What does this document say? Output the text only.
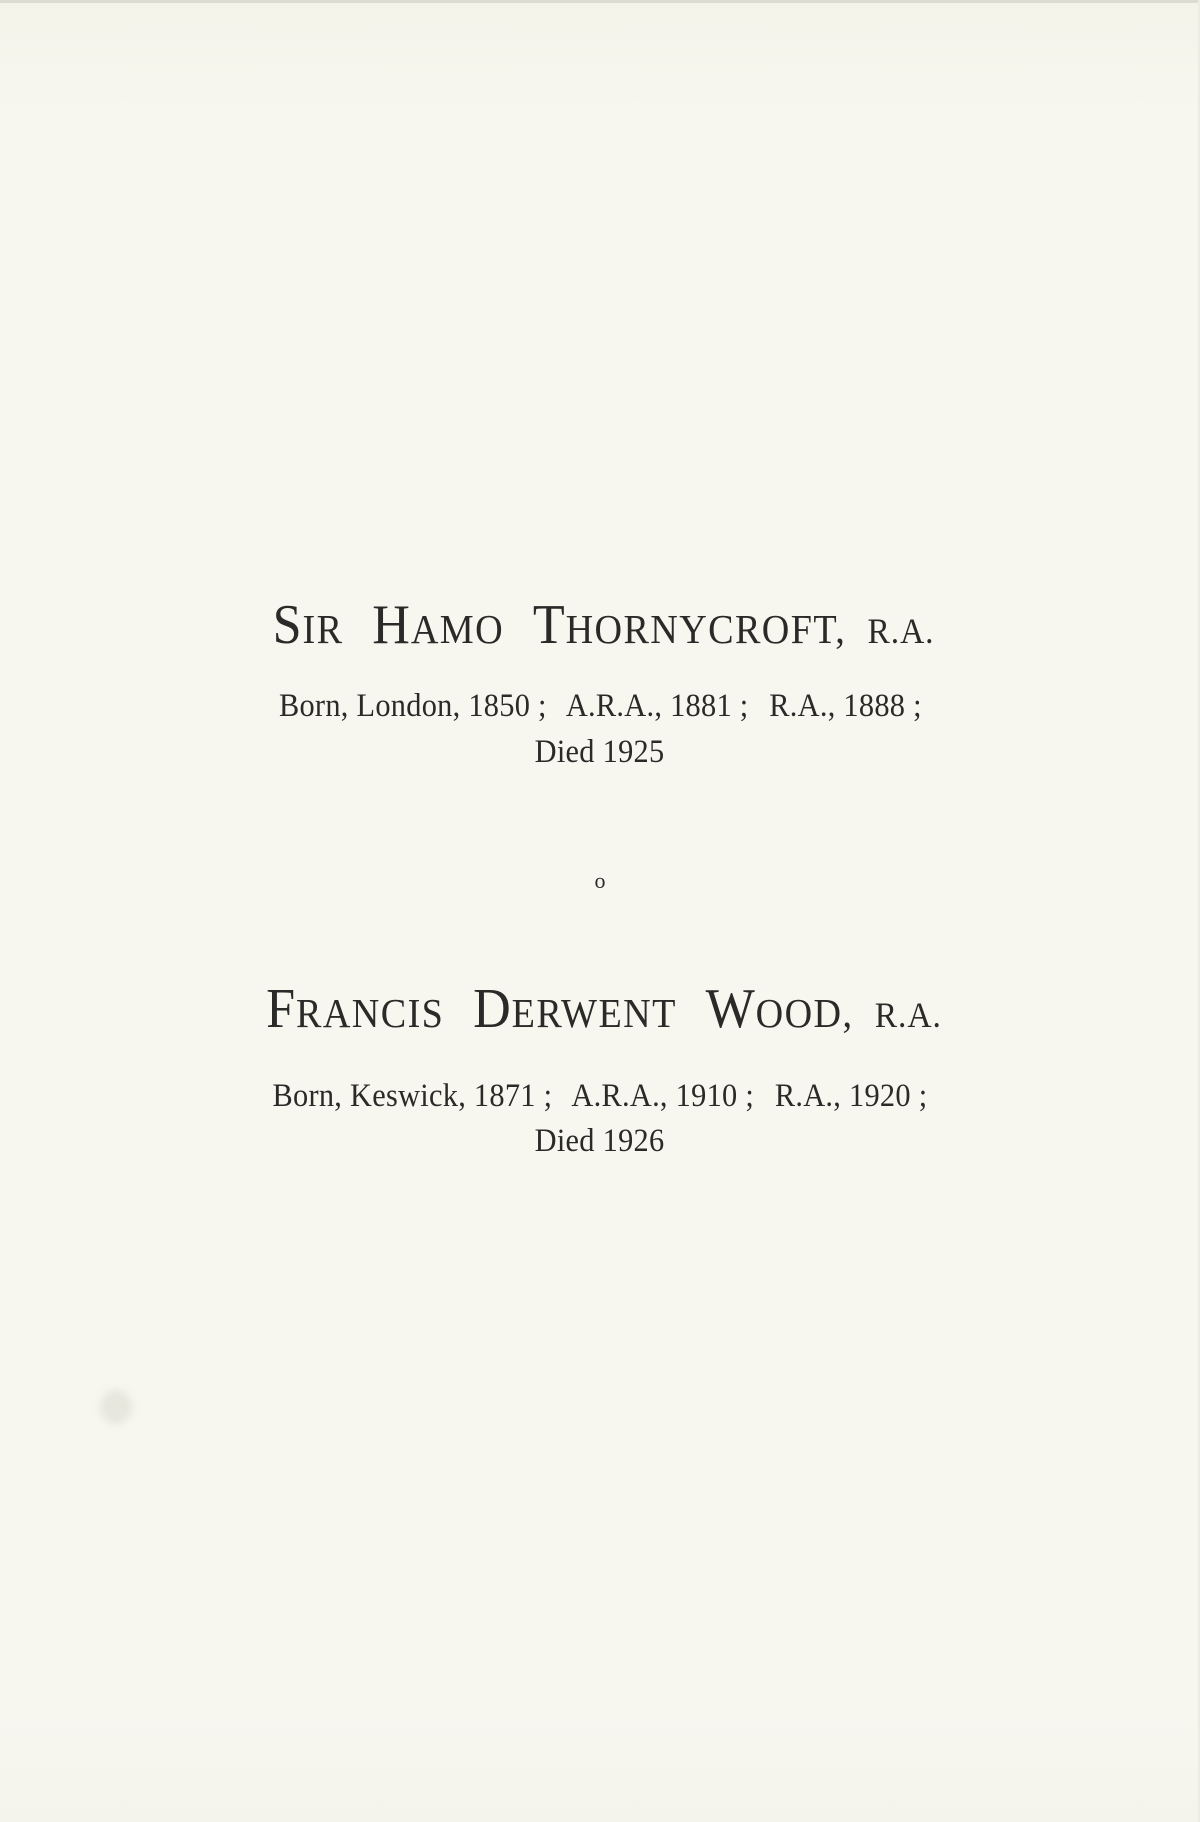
SIR HAMO THORNYCROFT, R.A.
Born, London, 1850 ; A.R.A., 1881 ; R.A., 1888 ;
Died 1925
o
FRANCIS DERWENT WOOD, R.A.
Born, Keswick, 1871 ; A.R.A., 1910 ; R.A., 1920 ;
Died 1926
